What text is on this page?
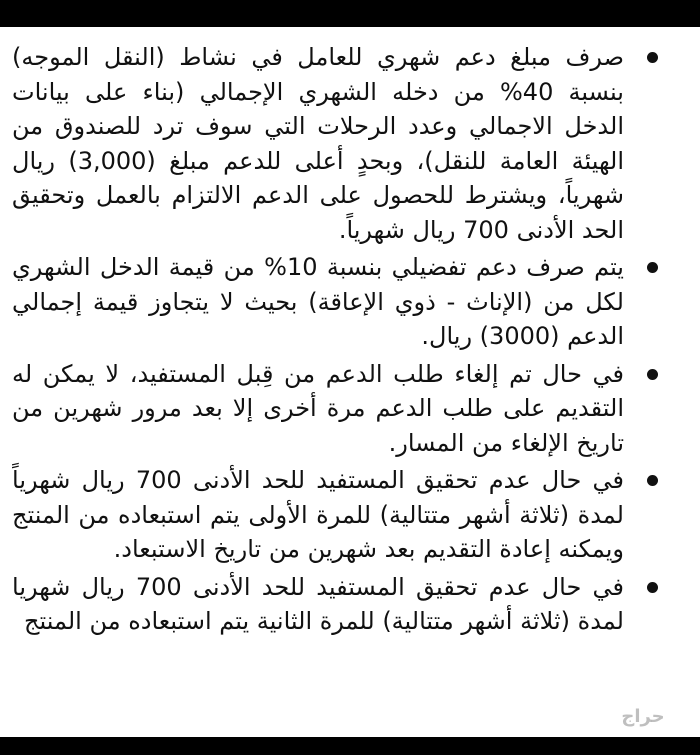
صرف مبلغ دعم شهري للعامل في نشاط (النقل الموجه) بنسبة 40% من دخله الشهري الإجمالي (بناء على بيانات الدخل الاجمالي وعدد الرحلات التي سوف ترد للصندوق من الهيئة العامة للنقل)، وبحدٍ أعلى للدعم مبلغ (3,000) ريال شهرياً، ويشترط للحصول على الدعم الالتزام بالعمل وتحقيق الحد الأدنى 700 ريال شهرياً.
يتم صرف دعم تفضيلي بنسبة 10% من قيمة الدخل الشهري لكل من (الإناث - ذوي الإعاقة) بحيث لا يتجاوز قيمة إجمالي الدعم (3000) ريال.
في حال تم إلغاء طلب الدعم من قِبل المستفيد، لا يمكن له التقديم على طلب الدعم مرة أخرى إلا بعد مرور شهرين من تاريخ الإلغاء من المسار.
في حال عدم تحقيق المستفيد للحد الأدنى 700 ريال شهرياً لمدة (ثلاثة أشهر متتالية) للمرة الأولى يتم استبعاده من المنتج ويمكنه إعادة التقديم بعد شهرين من تاريخ الاستبعاد.
في حال عدم تحقيق المستفيد للحد الأدنى 700 ريال شهريا لمدة (ثلاثة أشهر متتالية) للمرة الثانية يتم استبعاده من المنتج
حراج
